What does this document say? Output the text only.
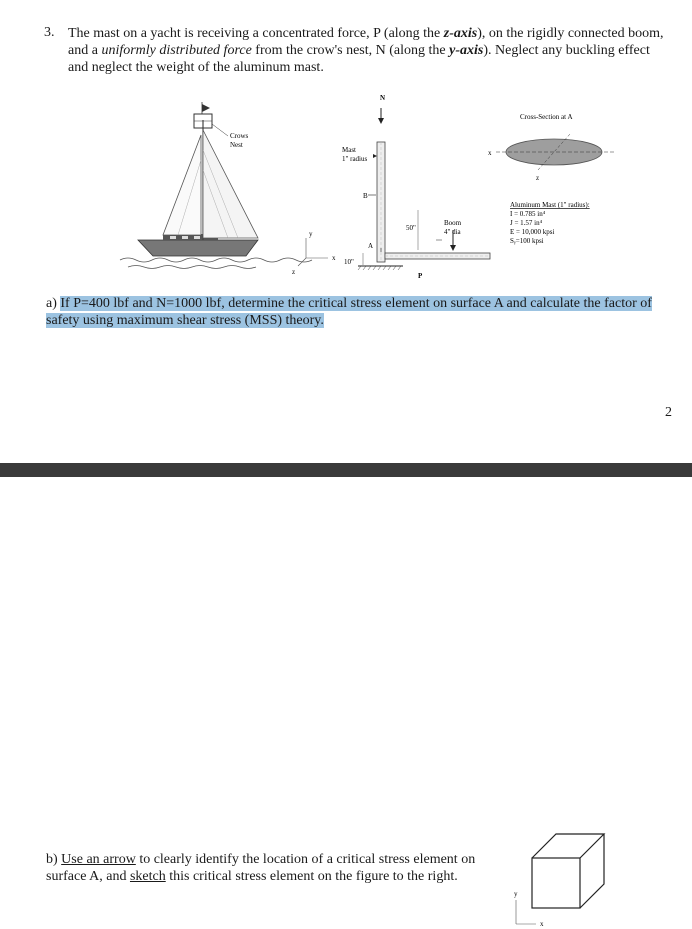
3. The mast on a yacht is receiving a concentrated force, P (along the z-axis), on the rigidly connected boom, and a uniformly distributed force from the crow's nest, N (along the y-axis). Neglect any buckling effect and neglect the weight of the aluminum mast.
Crows
Nest
y
x
z
N
Mast
1" radius
B
A
50"
10"
Boom
4" dia
P
Cross-Section at A
x
z
Aluminum Mast (1" radius):
I = 0.785 in⁴
J = 1.57 in⁴
E = 10,000 kpsi
Sᵧ=100 kpsi
a) If P=400 lbf and N=1000 lbf, determine the critical stress element on surface A and calculate the factor of safety using maximum shear stress (MSS) theory.
2
b) Use an arrow to clearly identify the location of a critical stress element on surface A, and sketch this critical stress element on the figure to the right.
y
x
